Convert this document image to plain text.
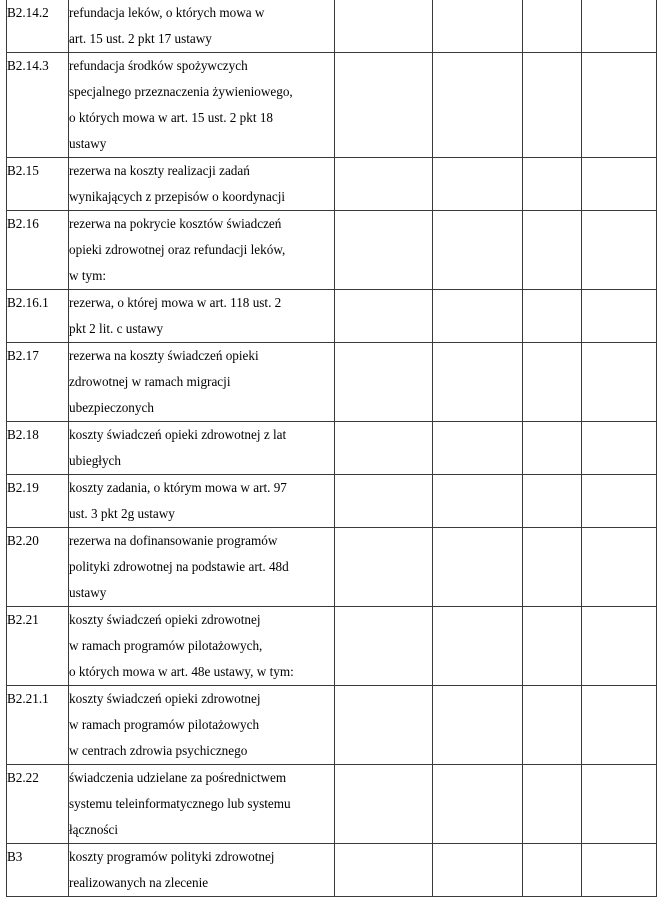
B2.14.2	refundacja leków, o których mowa w
art. 15 ust. 2 pkt 17 ustawy				

B2.14.3	refundacja środków spożywczych
specjalnego przeznaczenia żywieniowego,
o których mowa w art. 15 ust. 2 pkt 18
ustawy				

B2.15	rezerwa na koszty realizacji zadań
wynikających z przepisów o koordynacji				

B2.16	rezerwa na pokrycie kosztów świadczeń
opieki zdrowotnej oraz refundacji leków,
w tym:				

B2.16.1	rezerwa, o której mowa w art. 118 ust. 2
pkt 2 lit. c ustawy				

B2.17	rezerwa na koszty świadczeń opieki
zdrowotnej w ramach migracji
ubezpieczonych				

B2.18	koszty świadczeń opieki zdrowotnej z lat
ubiegłych				

B2.19	koszty zadania, o którym mowa w art. 97
ust. 3 pkt 2g ustawy				

B2.20	rezerwa na dofinansowanie programów
polityki zdrowotnej na podstawie art. 48d
ustawy				

B2.21	koszty świadczeń opieki zdrowotnej
w ramach programów pilotażowych,
o których mowa w art. 48e ustawy, w tym:				

B2.21.1	koszty świadczeń opieki zdrowotnej
w ramach programów pilotażowych
w centrach zdrowia psychicznego				

B2.22	świadczenia udzielane za pośrednictwem
systemu teleinformatycznego lub systemu
łączności				

B3	koszty programów polityki zdrowotnej
realizowanych na zlecenie				
